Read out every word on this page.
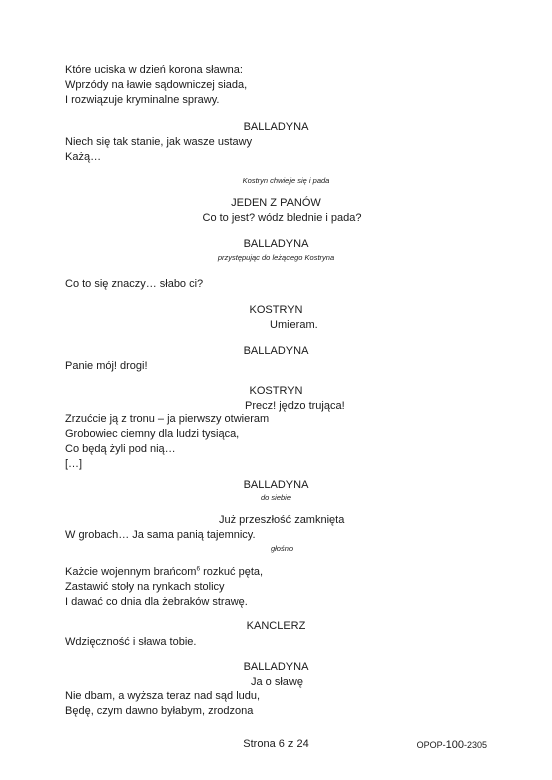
Które uciska w dzień korona sławna:

Wprzódy na ławie sądowniczej siada,

I rozwiązuje kryminalne sprawy.

BALLADYNA

Niech się tak stanie, jak wasze ustawy

Każą…

Kostryn chwieje się i pada

JEDEN Z PANÓW

Co to jest? wódz blednie i pada?

BALLADYNA

przystępując do leżącego Kostryna

Co to się znaczy… słabo ci?

KOSTRYN

Umieram.

BALLADYNA

Panie mój! drogi!

KOSTRYN

Precz! jędzo trująca!

Zrzućcie ją z tronu – ja pierwszy otwieram

Grobowiec ciemny dla ludzi tysiąca,

Co będą żyli pod nią…

[…]

BALLADYNA

do siebie

Już przeszłość zamknięta

W grobach… Ja sama panią tajemnicy.

głośno

Każcie wojennym brańcom$^6$ rozkuć pęta,

Zastawić stoły na rynkach stolicy

I dawać co dnia dla żebraków strawę.

KANCLERZ

Wdzięczność i sława tobie.

BALLADYNA

Ja o sławę

Nie dbam, a wyższa teraz nad sąd ludu,

Będę, czym dawno byłabym, zrodzona

Strona 6 z 24	OPOP-100-2305
